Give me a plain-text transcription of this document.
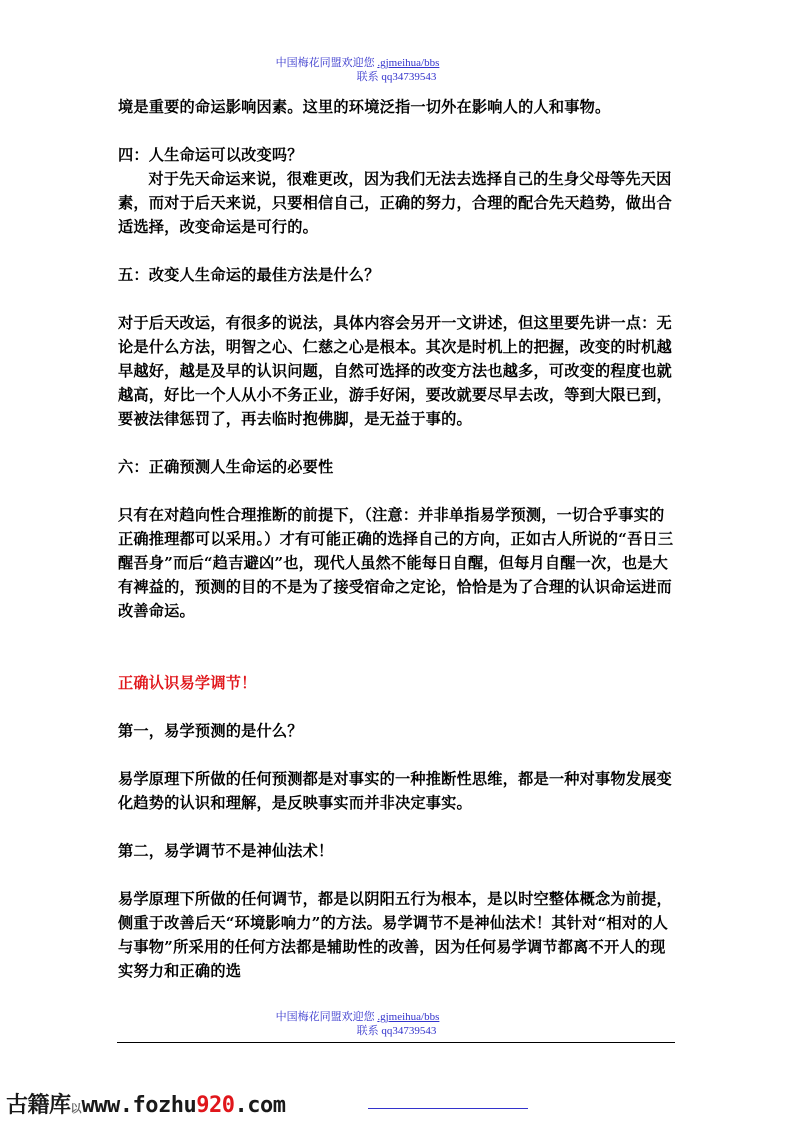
中国梅花同盟欢迎您 .gjmeihua/bbs
联系 qq34739543

境是重要的命运影响因素。这里的环境泛指一切外在影响人的人和事物。

四：人生命运可以改变吗？

对于先天命运来说，很难更改，因为我们无法去选择自己的生身父母等先天因素，而对于后天来说，只要相信自己，正确的努力，合理的配合先天趋势，做出合适选择，改变命运是可行的。

五：改变人生命运的最佳方法是什么？

对于后天改运，有很多的说法，具体内容会另开一文讲述，但这里要先讲一点：无论是什么方法，明智之心、仁慈之心是根本。其次是时机上的把握，改变的时机越早越好，越是及早的认识问题，自然可选择的改变方法也越多，可改变的程度也就越高，好比一个人从小不务正业，游手好闲，要改就要尽早去改，等到大限已到，要被法律惩罚了，再去临时抱佛脚，是无益于事的。

六：正确预测人生命运的必要性

只有在对趋向性合理推断的前提下，（注意：并非单指易学预测，一切合乎事实的正确推理都可以采用。）才有可能正确的选择自己的方向，正如古人所说的“吾日三醒吾身”而后“趋吉避凶”也，现代人虽然不能每日自醒，但每月自醒一次，也是大有裨益的，预测的目的不是为了接受宿命之定论，恰恰是为了合理的认识命运进而改善命运。

正确认识易学调节！

第一，易学预测的是什么？

易学原理下所做的任何预测都是对事实的一种推断性思维，都是一种对事物发展变化趋势的认识和理解，是反映事实而并非决定事实。

第二，易学调节不是神仙法术！

易学原理下所做的任何调节，都是以阴阳五行为根本，是以时空整体概念为前提，侧重于改善后天“环境影响力”的方法。易学调节不是神仙法术！其针对“相对的人与事物”所采用的任何方法都是辅助性的改善，因为任何易学调节都离不开人的现实努力和正确的选

中国梅花同盟欢迎您 .gjmeihua/bbs
联系 qq34739543
古籍库以www.fozhu920.com
